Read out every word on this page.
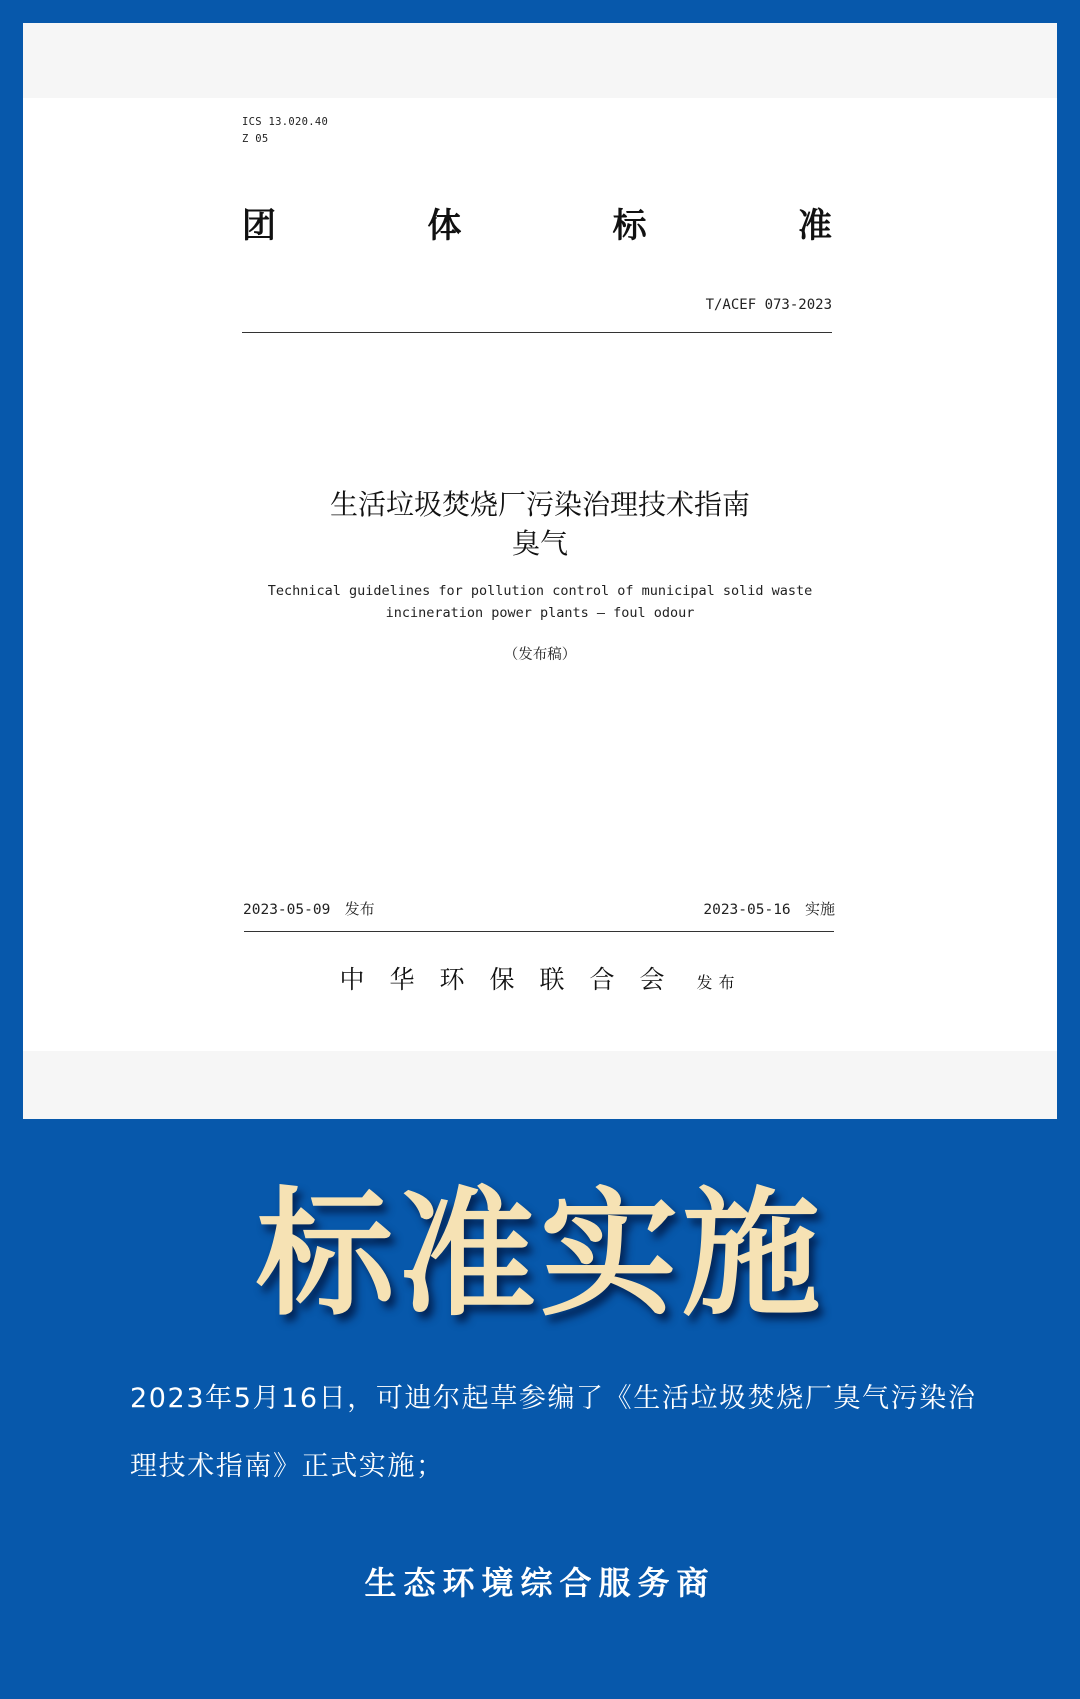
ICS 13.020.40
Z 05
团	体	标	准
T/ACEF 073-2023
生活垃圾焚烧厂污染治理技术指南
臭气
Technical guidelines for pollution control of municipal solid waste
incineration power plants — foul odour
（发布稿）
2023-05-09 发布	2023-05-16 实施
中华环保联合会 发布
标准实施
2023年5月16日，可迪尔起草参编了《生活垃圾焚烧厂臭气污染治理技术指南》正式实施；
生态环境综合服务商
